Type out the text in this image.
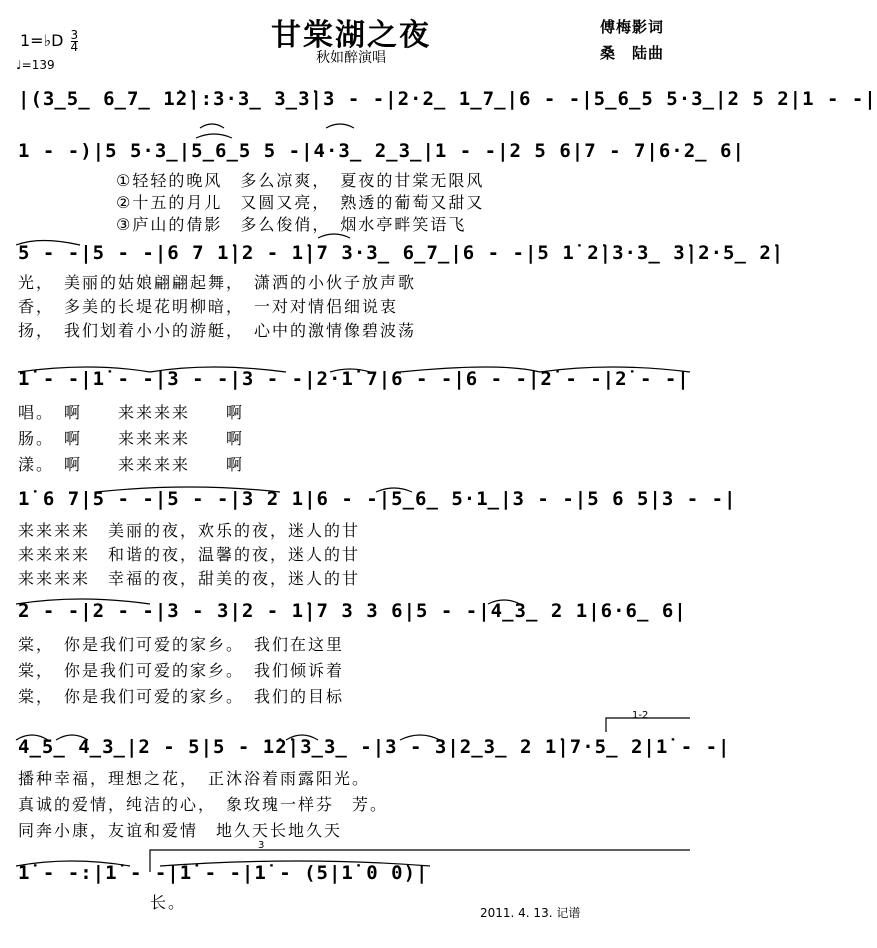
甘棠湖之夜
秋如醉演唱
1=♭D $\frac{3}{4}$
♩=139
傅梅影词
桑　陆曲
|(3̲5̲ 6̲7̲ 1̇2̇|:3·3̲ 3̲3̇|3 - -|2·2̲ 1̲7̲|6 - -|5̲6̲5 5·3̲|2 5 2|1 - -|
1 - -)|5 5·3̲|5̲6̲5 5 -|4·3̲ 2̲3̲|1 - -|2 5 6|7 - 7|6·2̲ 6|
①轻轻的晚风　多么凉爽，　夏夜的甘棠无限风
②十五的月儿　又圆又亮，　熟透的葡萄又甜又
③庐山的倩影　多么俊俏，　烟水亭畔笑语飞
5 - -|5 - -|6 7 1̇|2 - 1̇|7 3·3̲ 6̲7̲|6 - -|5 1̇ 2̇|3·3̲ 3̇|2·5̲ 2̇|
光，　美丽的姑娘翩翩起舞，　潇洒的小伙子放声歌
香，　多美的长堤花明柳暗，　一对对情侣细说衷
扬，　我们划着小小的游艇，　心中的激情像碧波荡
1̇ - -|1̇ - -|3 - -|3 - -|2·1̇ 7|6 - -|6 - -|2̇ - -|2̇ - -|
唱。　啊　　来来来来　　啊
肠。　啊　　来来来来　　啊
漾。　啊　　来来来来　　啊
1̇ 6 7|5 - -|5 - -|3 2 1|6 - -|5̲6̲ 5·1̲|3 - -|5 6 5|3 - -|
来来来来　美丽的夜，欢乐的夜，迷人的甘
来来来来　和谐的夜，温馨的夜，迷人的甘
来来来来　幸福的夜，甜美的夜，迷人的甘
2 - -|2 - -|3 - 3|2 - 1̇|7 3 3 6|5 - -|4̲3̲ 2 1|6·6̲ 6|
棠，　你是我们可爱的家乡。　我们在这里
棠，　你是我们可爱的家乡。　我们倾诉着
棠，　你是我们可爱的家乡。　我们的目标
1-2
4̲5̲ 4̲3̲|2 - 5|5 - 1̇2̇|3̲3̲ -|3 - 3|2̲3̲ 2 1̇|7·5̲ 2|1̇ - -|
播种幸福，理想之花，　正沐浴着雨露阳光。
真诚的爱情，纯洁的心，　象玫瑰一样芬　芳。
同奔小康，友谊和爱情　地久天长地久天
3
1̇ - -:|1̇ - -|1̇ - -|1̇ - (5|1̇ 0 0)|
长。
2011. 4. 13. 记谱
